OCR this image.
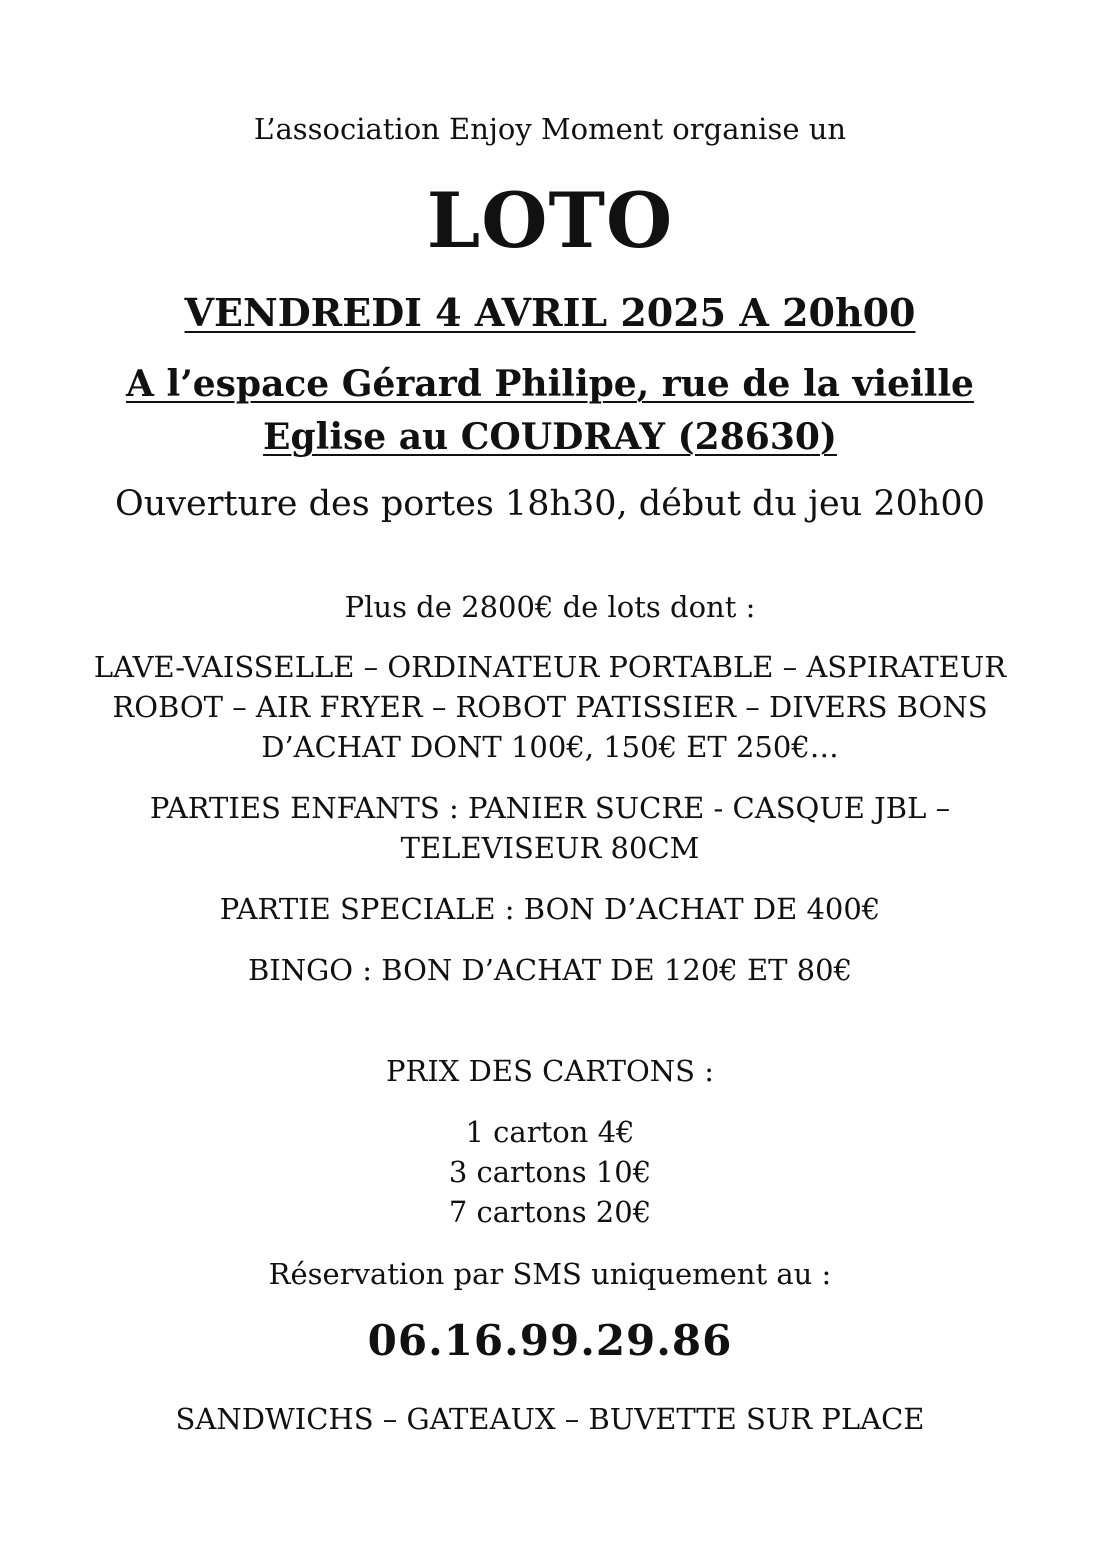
L’association Enjoy Moment organise un
LOTO
VENDREDI 4 AVRIL 2025 A 20h00
A l’espace Gérard Philipe, rue de la vieille
Eglise au COUDRAY (28630)
Ouverture des portes 18h30, début du jeu 20h00
Plus de 2800€ de lots dont :
LAVE-VAISSELLE – ORDINATEUR PORTABLE – ASPIRATEUR
ROBOT – AIR FRYER – ROBOT PATISSIER – DIVERS BONS
D’ACHAT DONT 100€, 150€ ET 250€…
PARTIES ENFANTS : PANIER SUCRE - CASQUE JBL –
TELEVISEUR 80CM
PARTIE SPECIALE : BON D’ACHAT DE 400€
BINGO : BON D’ACHAT DE 120€ ET 80€
PRIX DES CARTONS :
1 carton 4€
3 cartons 10€
7 cartons 20€
Réservation par SMS uniquement au :
06.16.99.29.86
SANDWICHS – GATEAUX – BUVETTE SUR PLACE
